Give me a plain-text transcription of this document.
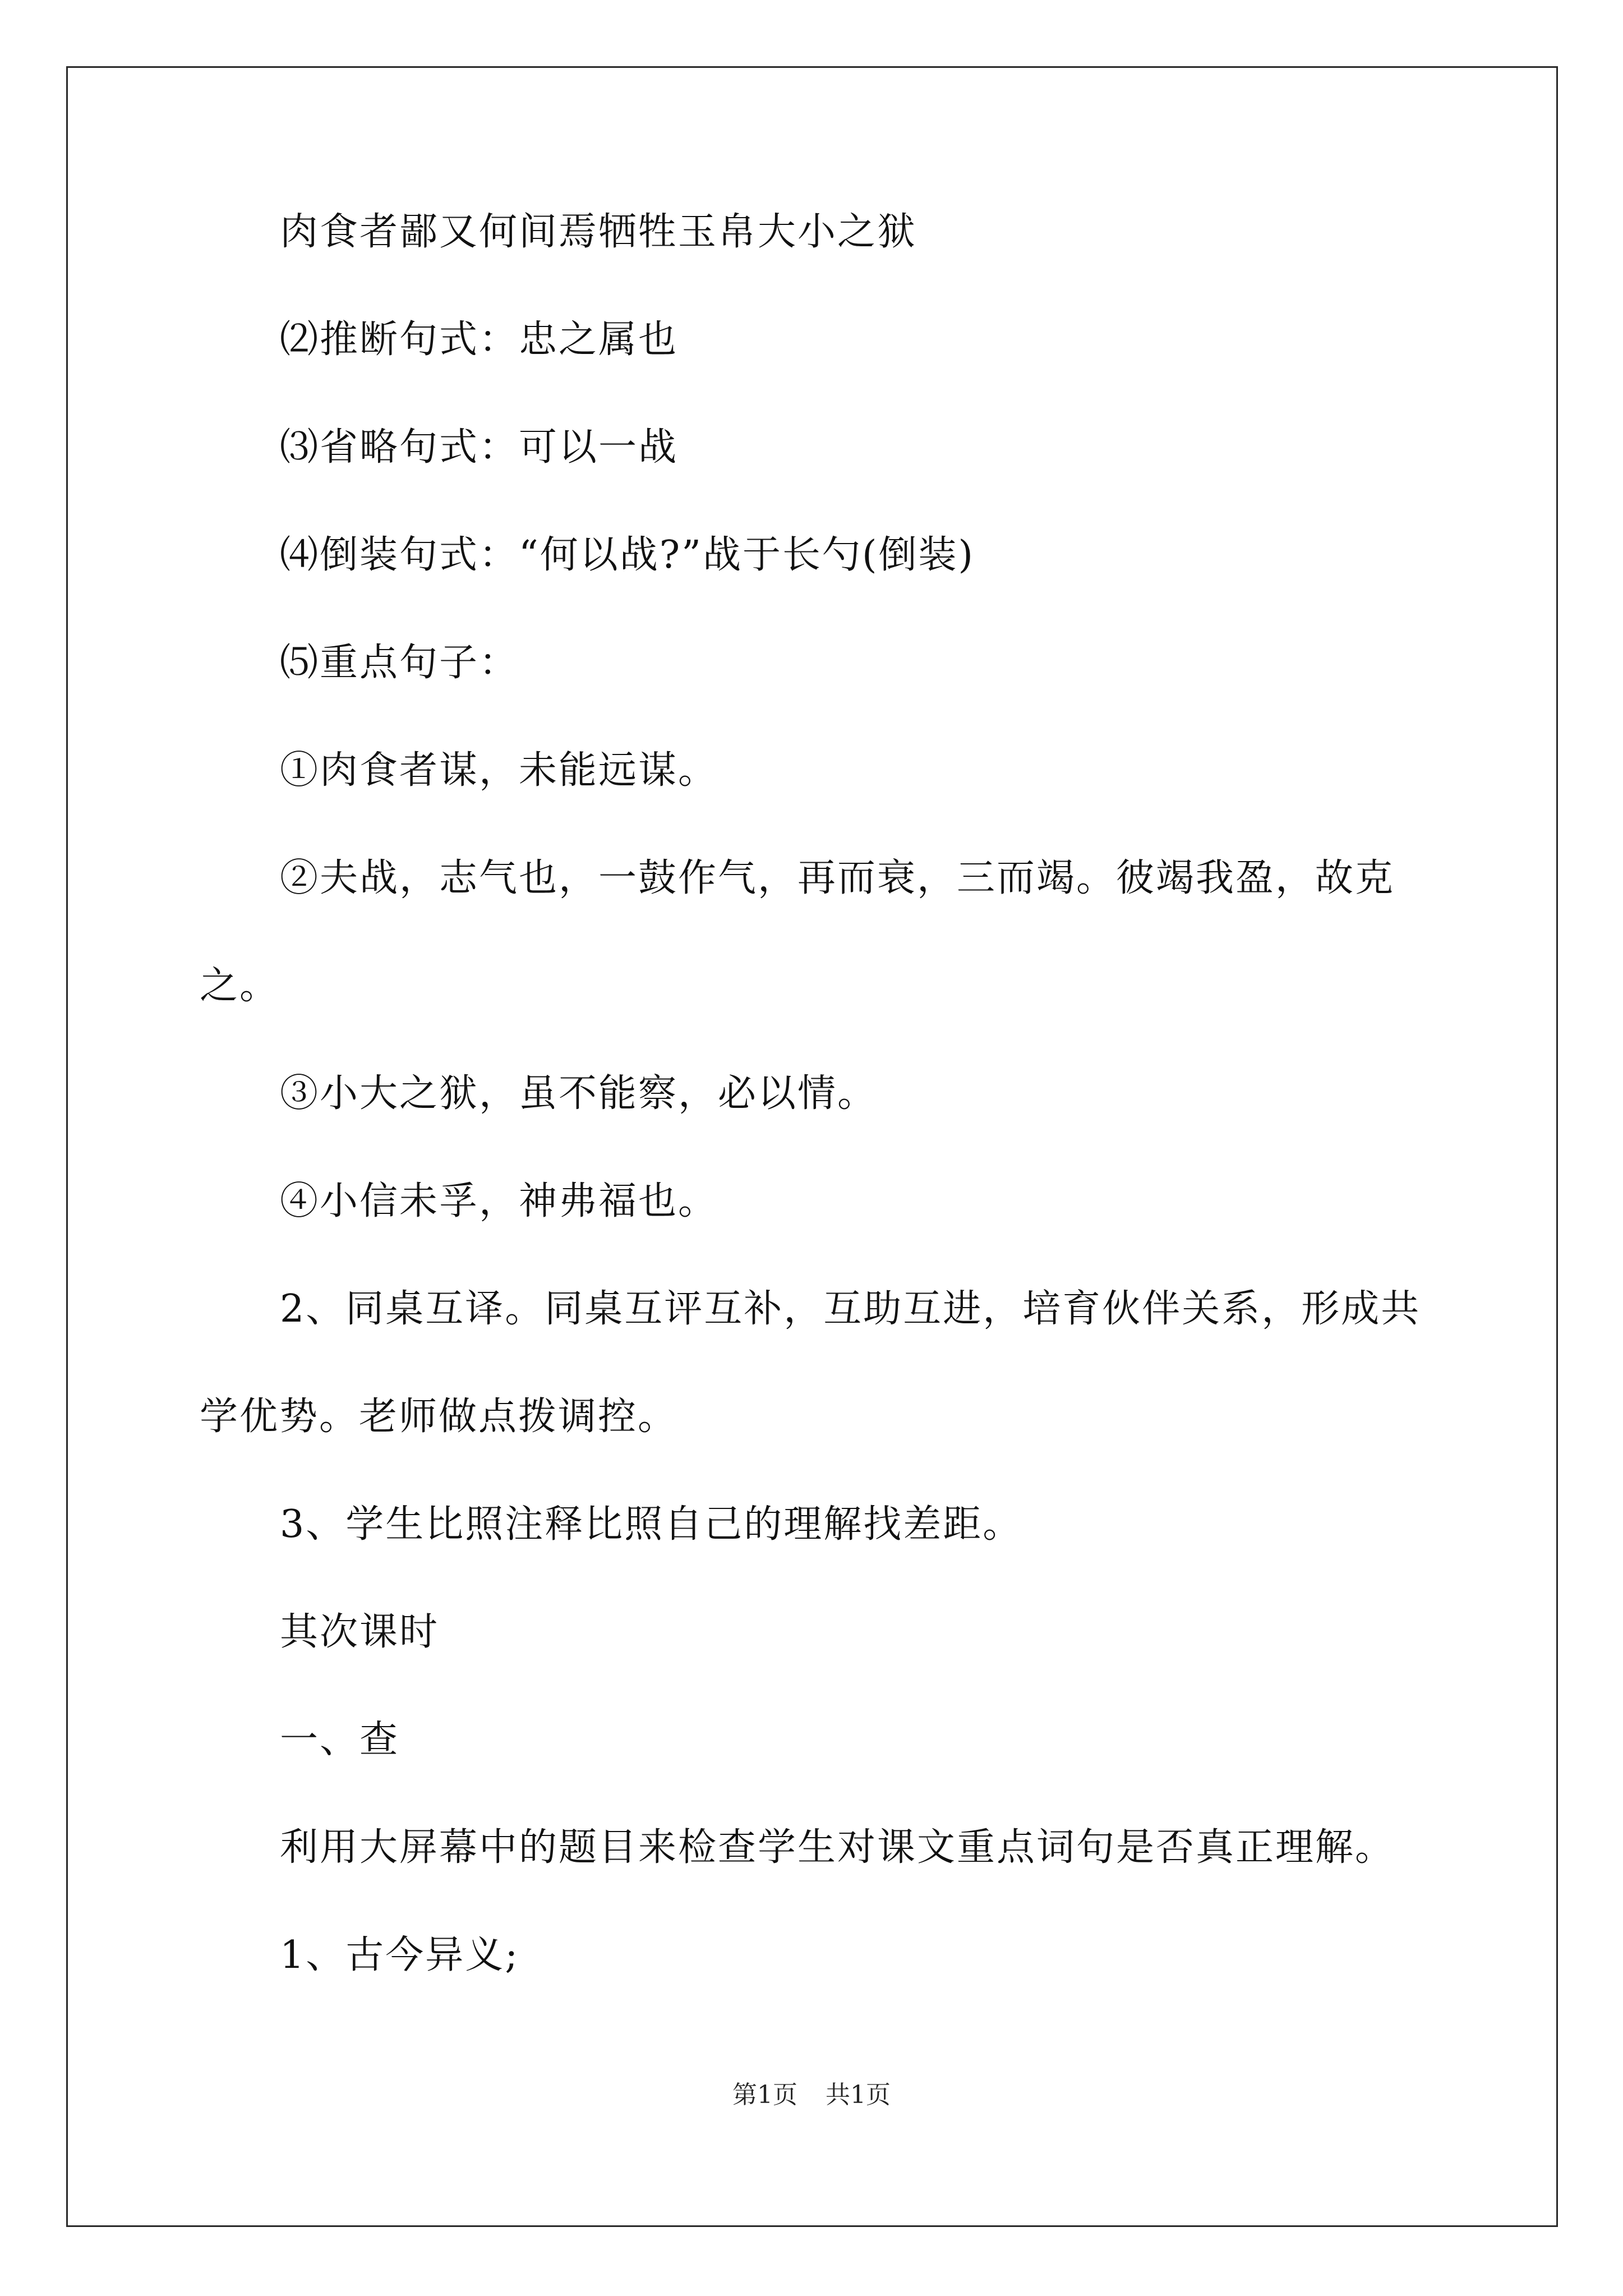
肉食者鄙又何间焉牺牲玉帛大小之狱

⑵推断句式：忠之属也

⑶省略句式：可以一战

⑷倒装句式：“何以战?”战于长勺(倒装)

⑸重点句子：

①肉食者谋，未能远谋。

②夫战，志气也，一鼓作气，再而衰，三而竭。彼竭我盈，故克
之。

③小大之狱，虽不能察，必以情。

④小信未孚，神弗福也。

2、同桌互译。同桌互评互补，互助互进，培育伙伴关系，形成共
学优势。老师做点拨调控。

3、学生比照注释比照自己的理解找差距。

其次课时

一、查

利用大屏幕中的题目来检查学生对课文重点词句是否真正理解。

1、古今异义;

第1页 共1页
